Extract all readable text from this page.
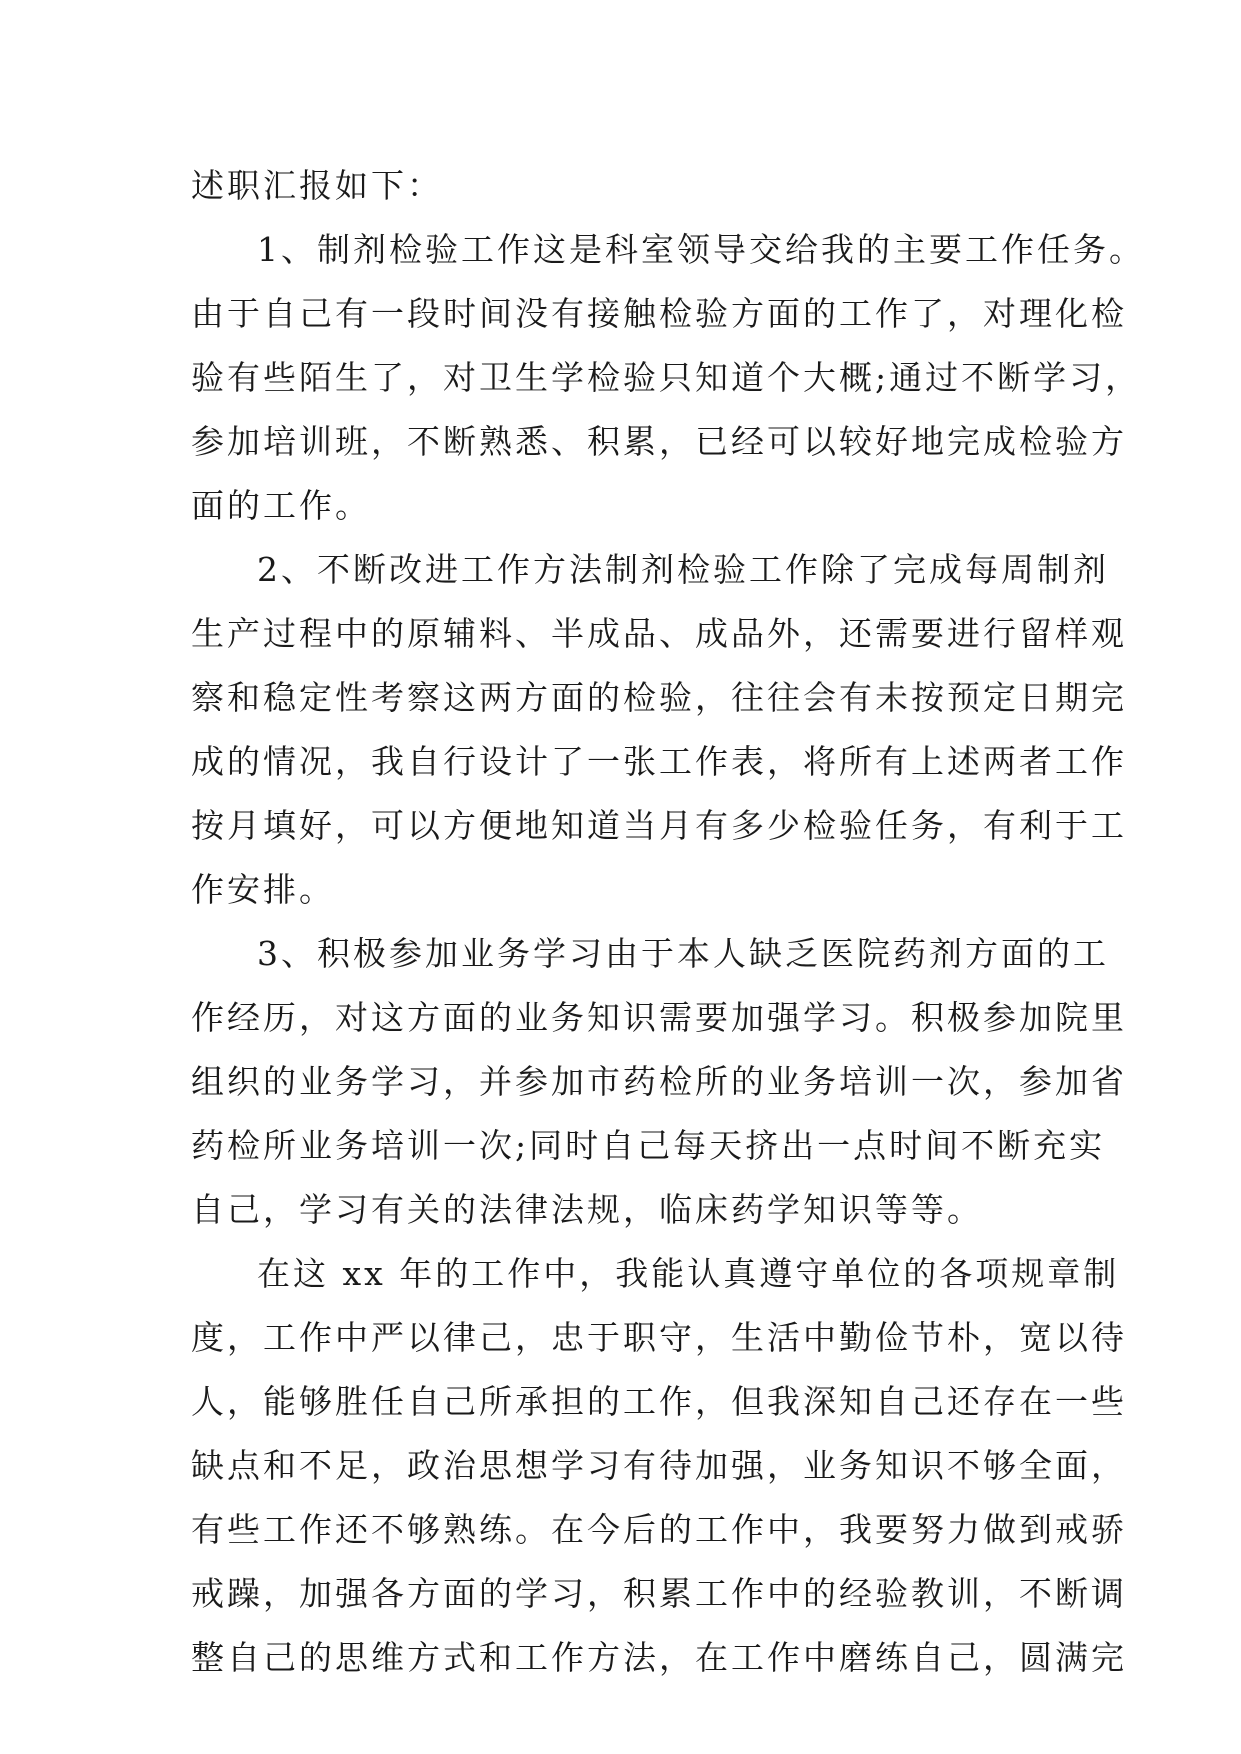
述职汇报如下：
1、制剂检验工作这是科室领导交给我的主要工作任务。
由于自己有一段时间没有接触检验方面的工作了，对理化检
验有些陌生了，对卫生学检验只知道个大概;通过不断学习，
参加培训班，不断熟悉、积累，已经可以较好地完成检验方
面的工作。
2、不断改进工作方法制剂检验工作除了完成每周制剂
生产过程中的原辅料、半成品、成品外，还需要进行留样观
察和稳定性考察这两方面的检验，往往会有未按预定日期完
成的情况，我自行设计了一张工作表，将所有上述两者工作
按月填好，可以方便地知道当月有多少检验任务，有利于工
作安排。
3、积极参加业务学习由于本人缺乏医院药剂方面的工
作经历，对这方面的业务知识需要加强学习。积极参加院里
组织的业务学习，并参加市药检所的业务培训一次，参加省
药检所业务培训一次;同时自己每天挤出一点时间不断充实
自己，学习有关的法律法规，临床药学知识等等。
在这 xx 年的工作中，我能认真遵守单位的各项规章制
度，工作中严以律己，忠于职守，生活中勤俭节朴，宽以待
人，能够胜任自己所承担的工作，但我深知自己还存在一些
缺点和不足，政治思想学习有待加强，业务知识不够全面，
有些工作还不够熟练。在今后的工作中，我要努力做到戒骄
戒躁，加强各方面的学习，积累工作中的经验教训，不断调
整自己的思维方式和工作方法，在工作中磨练自己，圆满完
